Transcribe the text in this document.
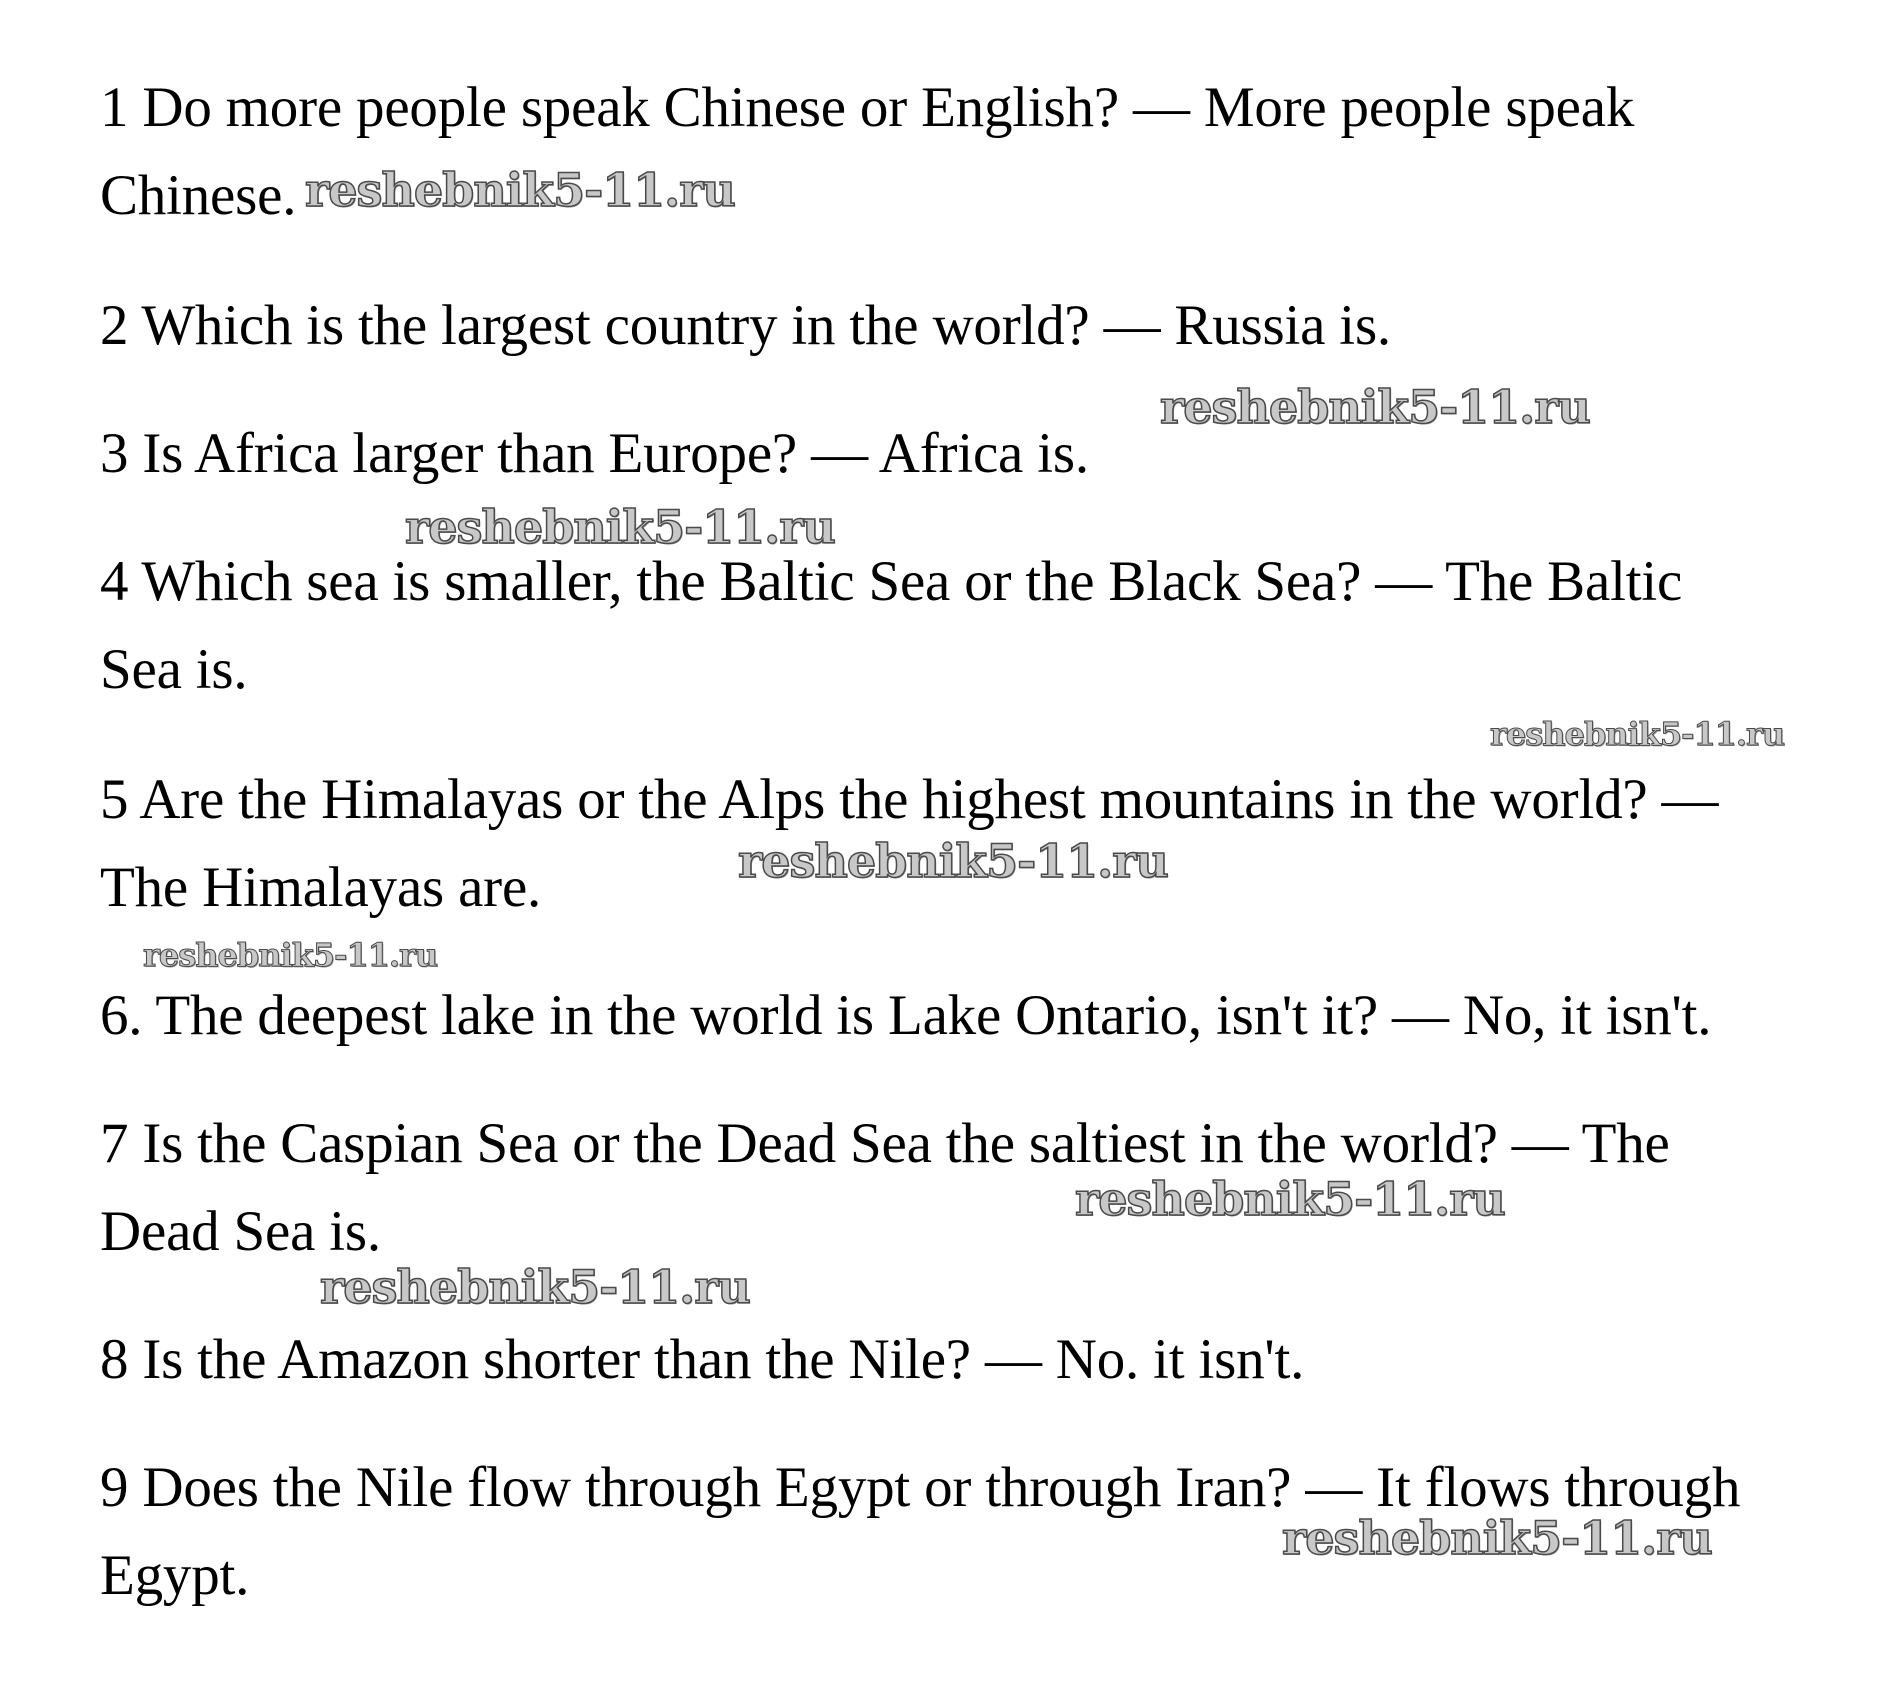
1 Do more people speak Chinese or English? — More people speak

Chinese.

2 Which is the largest country in the world? — Russia is.

3 Is Africa larger than Europe? — Africa is.

4 Which sea is smaller, the Baltic Sea or the Black Sea? — The Baltic

Sea is.

5 Are the Himalayas or the Alps the highest mountains in the world? —

The Himalayas are.

6. The deepest lake in the world is Lake Ontario, isn't it? — No, it isn't.

7 Is the Caspian Sea or the Dead Sea the saltiest in the world? — The

Dead Sea is.

8 Is the Amazon shorter than the Nile? — No. it isn't.

9 Does the Nile flow through Egypt or through Iran? — It flows through

Egypt.

reshebnik5-11.ru
reshebnik5-11.ru
reshebnik5-11.ru
reshebnik5-11.ru
reshebnik5-11.ru
reshebnik5-11.ru
reshebnik5-11.ru
reshebnik5-11.ru
reshebnik5-11.ru
